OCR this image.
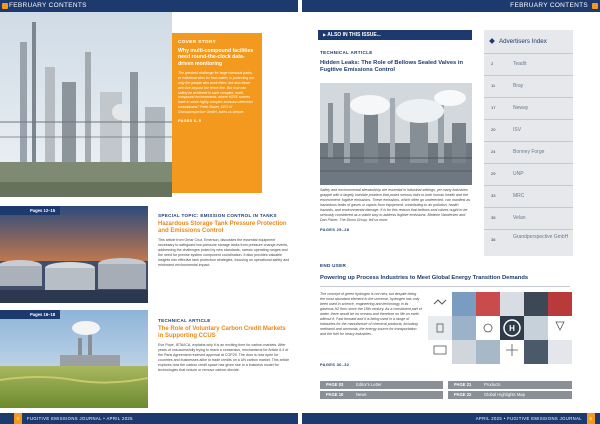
FEBRUARY CONTENTS	FEBRUARY CONTENTS
COVER STORY
Why multi-compound facilities need round-the-clock data-driven monitoring
The greatest challenge for large chemical parks, or individual sites for that matter, is protecting not only the people who work there, but also those who live beyond the fence line. But how can safety be achieved in such complex, multi-compound environments, where H2SE scenes have to solve highly complex emission detection conundrums? Peter Bauer, CEO of Grandperspective GmbH, takes us deeper.
PAGES 6–9
Pages 12–15
SPECIAL TOPIC: EMISSION CONTROL IN TANKS
Hazardous Storage Tank Pressure Protection and Emissions Control
This article from Omar Cruz, Emerson, discusses the essential equipment necessary to safeguard low-pressure storage tanks from pressure change events, addressing the challenges posed by new standards, narrow operating ranges and the need for precise system component coordination. It also provides valuable insights into effective tank protection strategies, focusing on operational safety and minimized environmental impact.
Pages 16–18
TECHNICAL ARTICLE
The Role of Voluntary Carbon Credit Markets in Supporting CCUS
Eve Pope, IETA/ICA, explains why it is an exciting time for carbon markets. After years of unsuccessfully trying to reach a consensus, mechanisms for Article 6.4 of the Paris Agreement received approval at COP29. The door is now open for countries and businesses alike to trade credits on a UN carbon market. This article explores how the carbon credit space has given rise to a business model for technologies that reduce or remove carbon dioxide.
4	FUGITIVE EMISSIONS JOURNAL • APRIL 2025
▶ ALSO IN THIS ISSUE...
TECHNICAL ARTICLE
Hidden Leaks: The Role of Bellows Sealed Valves in Fugitive Emissions Control
Safety and environmental stewardship are essential in industrial settings, yet many industries grapple with a largely invisible problem that poses serious risks to both human health and the environment: fugitive emissions. These emissions, which often go undetected, can manifest as hazardous leaks of gases or vapors from equipment, contributing to air pollution, health hazards, and environmental damage. It is for this reason that bellows seal valves ought to be seriously considered as a viable way to address fugitive emissions. Melanie Vandersen and Dan Fisher, The Dixon Group, tell us more.
PAGES 25–28
END USER
Powering up Process Industries to Meet Global Energy Transition Demands
The concept of green hydrogen is not new, but despite being the most abundant element in the universe, hydrogen has only been used in science, engineering and technology in its gaseous H2 form since the 18th century. As a constituent part of water, there would be no oceans and therefore no life on earth without it. Fast forward and it is being used in a range of industries for the manufacture of chemical products, including methanol and ammonia, the energy source for transportation and the fuel for heavy industries.
PAGES 30–32
H
PAGE 03	Editor's Letter	PAGE 21	Products
PAGE 10	News	PAGE 22	Global Highlights Map
Advertisers Index
2	Teadit
11	Bray
17	Neway
20	ISV
24	Bonney Forge
29	UNP
33	MRC
35	Velan
36	Grandperspective GmbH
APRIL 2025 • FUGITIVE EMISSIONS JOURNAL	5
